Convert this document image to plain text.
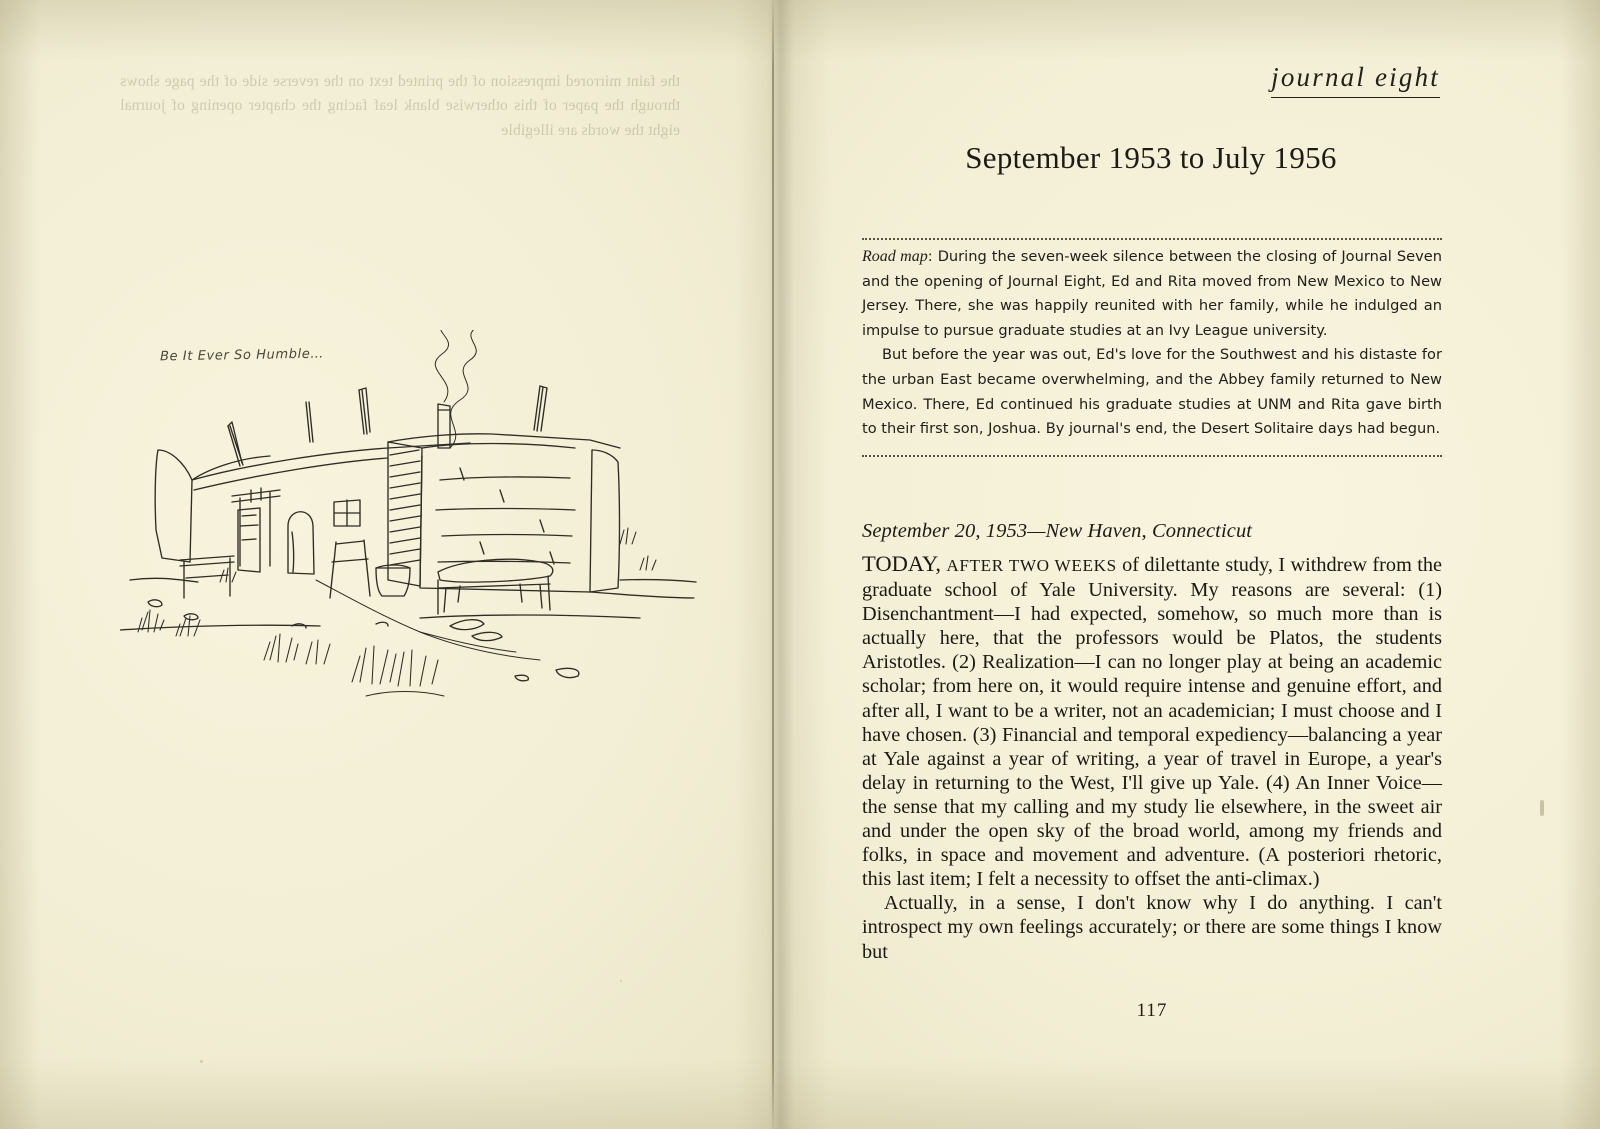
the faint mirrored impression of the printed text on the reverse side of the page shows through the paper of this otherwise blank leaf facing the chapter opening of journal eight the words are illegible
Be It Ever So Humble…
journal eight
September 1953 to July 1956

Road map: During the seven-week silence between the closing of Journal Seven and the opening of Journal Eight, Ed and Rita moved from New Mexico to New Jersey. There, she was happily reunited with her family, while he indulged an impulse to pursue graduate studies at an Ivy League university.

But before the year was out, Ed's love for the Southwest and his distaste for the urban East became overwhelming, and the Abbey family returned to New Mexico. There, Ed continued his graduate studies at UNM and Rita gave birth to their first son, Joshua. By journal's end, the Desert Solitaire days had begun.

September 20, 1953—New Haven, Connecticut

TODAY, AFTER TWO WEEKS of dilettante study, I withdrew from the graduate school of Yale University. My reasons are several: (1) Disenchantment—I had expected, somehow, so much more than is actually here, that the professors would be Platos, the students Aristotles. (2) Realization—I can no longer play at being an academic scholar; from here on, it would require intense and genuine effort, and after all, I want to be a writer, not an academician; I must choose and I have chosen. (3) Financial and temporal expediency—balancing a year at Yale against a year of writing, a year of travel in Europe, a year's delay in returning to the West, I'll give up Yale. (4) An Inner Voice—the sense that my calling and my study lie elsewhere, in the sweet air and under the open sky of the broad world, among my friends and folks, in space and movement and adventure. (A posteriori rhetoric, this last item; I felt a necessity to offset the anti-climax.)

Actually, in a sense, I don't know why I do anything. I can't introspect my own feelings accurately; or there are some things I know but

117
